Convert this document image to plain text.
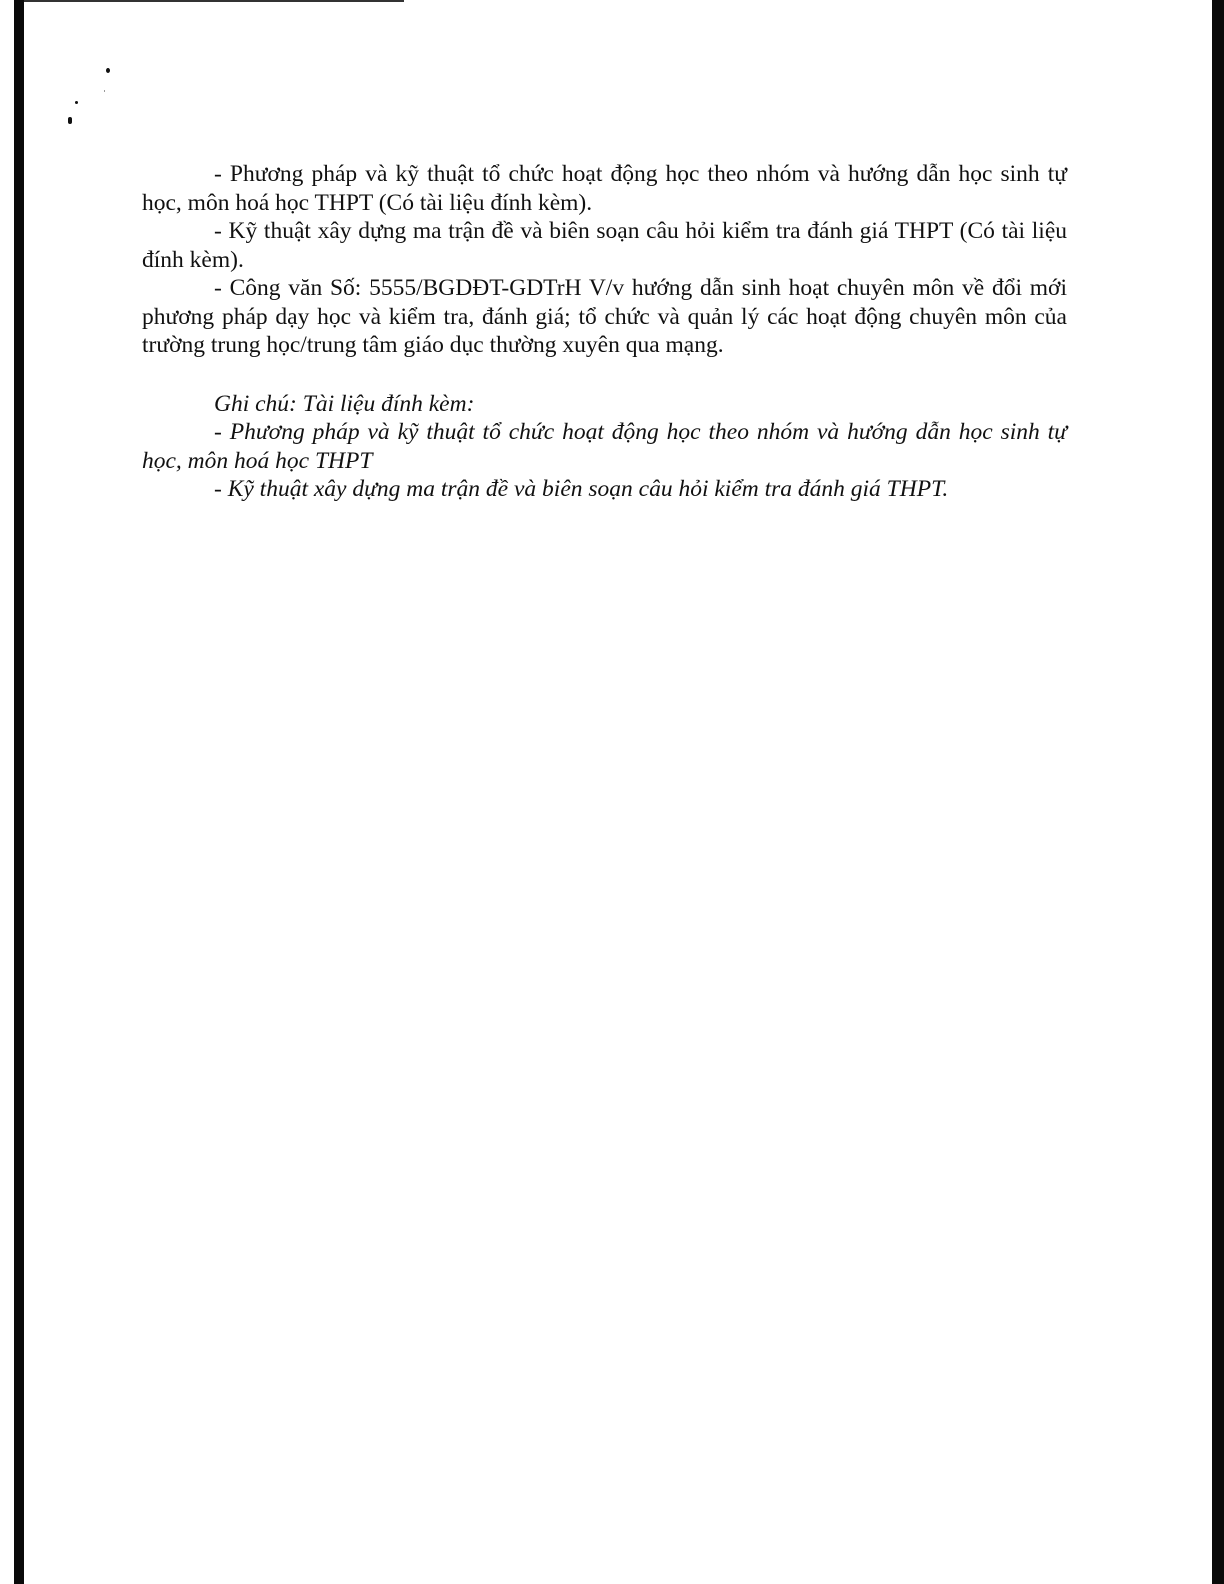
- Phương pháp và kỹ thuật tổ chức hoạt động học theo nhóm và hướng dẫn học sinh tự học, môn hoá học THPT (Có tài liệu đính kèm).

- Kỹ thuật xây dựng ma trận đề và biên soạn câu hỏi kiểm tra đánh giá THPT (Có tài liệu đính kèm).

- Công văn Số: 5555/BGDĐT-GDTrH V/v hướng dẫn sinh hoạt chuyên môn về đổi mới phương pháp dạy học và kiểm tra, đánh giá; tổ chức và quản lý các hoạt động chuyên môn của trường trung học/trung tâm giáo dục thường xuyên qua mạng.

Ghi chú: Tài liệu đính kèm:

- Phương pháp và kỹ thuật tổ chức hoạt động học theo nhóm và hướng dẫn học sinh tự học, môn hoá học THPT

- Kỹ thuật xây dựng ma trận đề và biên soạn câu hỏi kiểm tra đánh giá THPT.
